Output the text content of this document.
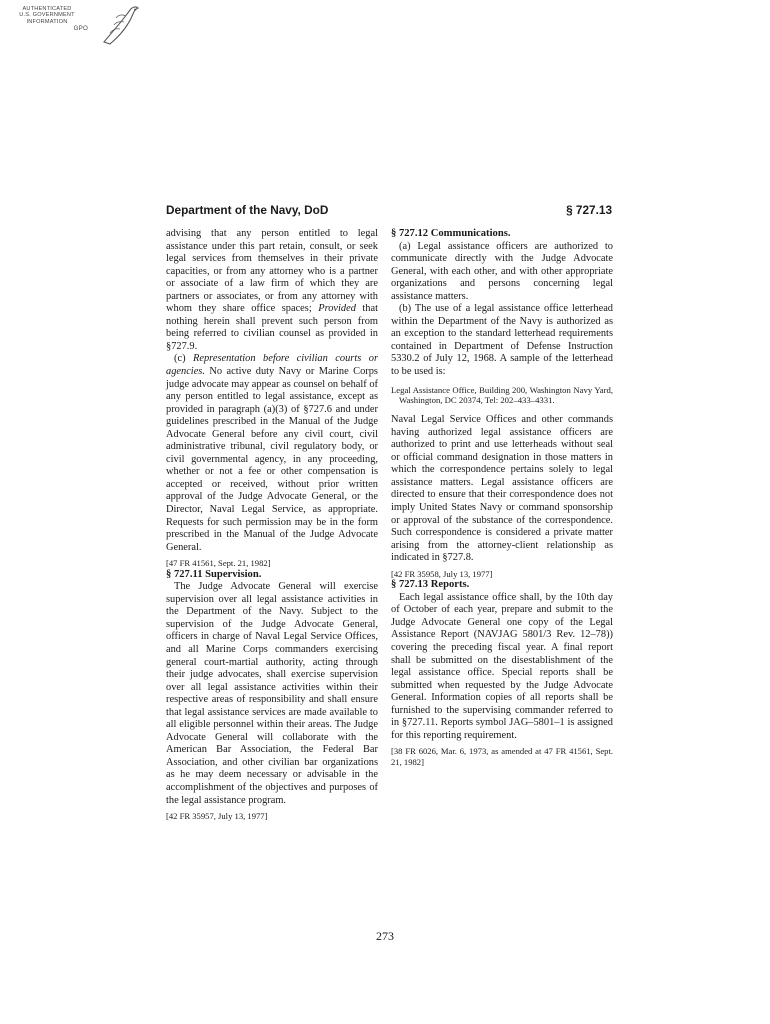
AUTHENTICATED
U.S. GOVERNMENT
INFORMATION
GPO
Department of the Navy, DoD	§ 727.13

advising that any person entitled to legal assistance under this part retain, consult, or seek legal services from themselves in their private capacities, or from any attorney who is a partner or associate of a law firm of which they are partners or associates, or from any attorney with whom they share office spaces; Provided that nothing herein shall prevent such person from being referred to civilian counsel as provided in §727.9.

(c) Representation before civilian courts or agencies. No active duty Navy or Marine Corps judge advocate may appear as counsel on behalf of any person entitled to legal assistance, except as provided in paragraph (a)(3) of §727.6 and under guidelines prescribed in the Manual of the Judge Advocate General before any civil court, civil administrative tribunal, civil regulatory body, or civil governmental agency, in any proceeding, whether or not a fee or other compensation is accepted or received, without prior written approval of the Judge Advocate General, or the Director, Naval Legal Service, as appropriate. Requests for such permission may be in the form prescribed in the Manual of the Judge Advocate General.

[47 FR 41561, Sept. 21, 1982]

§ 727.11 Supervision.

The Judge Advocate General will exercise supervision over all legal assistance activities in the Department of the Navy. Subject to the supervision of the Judge Advocate General, officers in charge of Naval Legal Service Offices, and all Marine Corps commanders exercising general court-martial authority, acting through their judge advocates, shall exercise supervision over all legal assistance activities within their respective areas of responsibility and shall ensure that legal assistance services are made available to all eligible personnel within their areas. The Judge Advocate General will collaborate with the American Bar Association, the Federal Bar Association, and other civilian bar organizations as he may deem necessary or advisable in the accomplishment of the objectives and purposes of the legal assistance program.

[42 FR 35957, July 13, 1977]

§ 727.12 Communications.

(a) Legal assistance officers are authorized to communicate directly with the Judge Advocate General, with each other, and with other appropriate organizations and persons concerning legal assistance matters.

(b) The use of a legal assistance office letterhead within the Department of the Navy is authorized as an exception to the standard letterhead requirements contained in Department of Defense Instruction 5330.2 of July 12, 1968. A sample of the letterhead to be used is:

Legal Assistance Office, Building 200, Washington Navy Yard, Washington, DC 20374, Tel: 202–433–4331.

Naval Legal Service Offices and other commands having authorized legal assistance officers are authorized to print and use letterheads without seal or official command designation in those matters in which the correspondence pertains solely to legal assistance matters. Legal assistance officers are directed to ensure that their correspondence does not imply United States Navy or command sponsorship or approval of the substance of the correspondence. Such correspondence is considered a private matter arising from the attorney-client relationship as indicated in §727.8.

[42 FR 35958, July 13, 1977]

§ 727.13 Reports.

Each legal assistance office shall, by the 10th day of October of each year, prepare and submit to the Judge Advocate General one copy of the Legal Assistance Report (NAVJAG 5801/3 Rev. 12–78)) covering the preceding fiscal year. A final report shall be submitted on the disestablishment of the legal assistance office. Special reports shall be submitted when requested by the Judge Advocate General. Information copies of all reports shall be furnished to the supervising commander referred to in §727.11. Reports symbol JAG–5801–1 is assigned for this reporting requirement.

[38 FR 6026, Mar. 6, 1973, as amended at 47 FR 41561, Sept. 21, 1982]

273
